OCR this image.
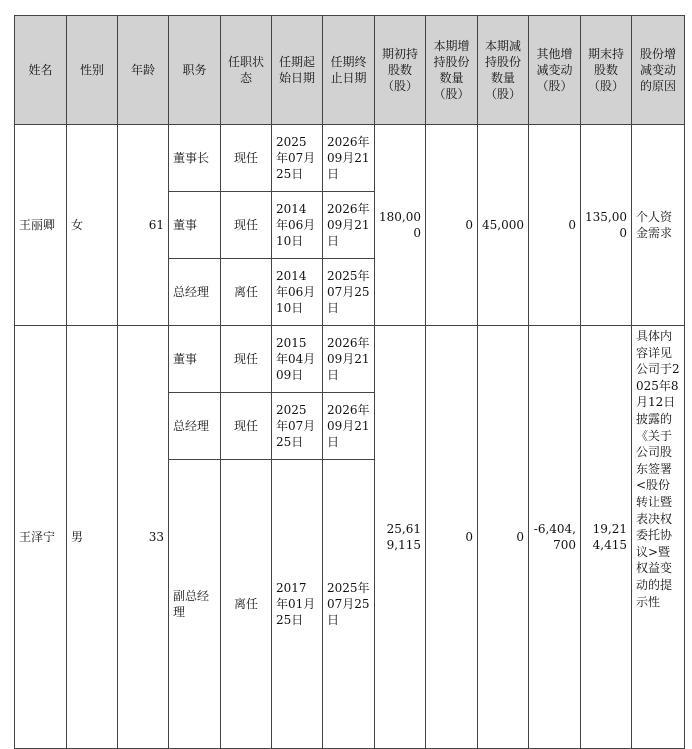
姓名	性别	年龄	职务	任职状态	任期起始日期	任期终止日期	期初持股数（股）	本期增持股份数量（股）	本期减持股份数量（股）	其他增减变动（股）	期末持股数（股）	股份增减变动的原因
王丽卿	女	61	董事长	现任	2025年07月25日	2026年09月21日	180,000	0	45,000	0	135,000	个人资金需求
			董事	现任	2014年06月10日	2026年09月21日						
			总经理	离任	2014年06月10日	2025年07月25日						
王泽宁	男	33	董事	现任	2015年04月09日	2026年09月21日	25,619,115	0	0	-6,404,700	19,214,415	具体内容详见公司于2025年8月12日披露的《关于公司股东签署<股份转让暨表决权委托协议>暨权益变动的提示性

			总经理	现任	2025年07月25日	2026年09月21日						
			副总经理	离任	2017年01月25日	2025年07月25日						
